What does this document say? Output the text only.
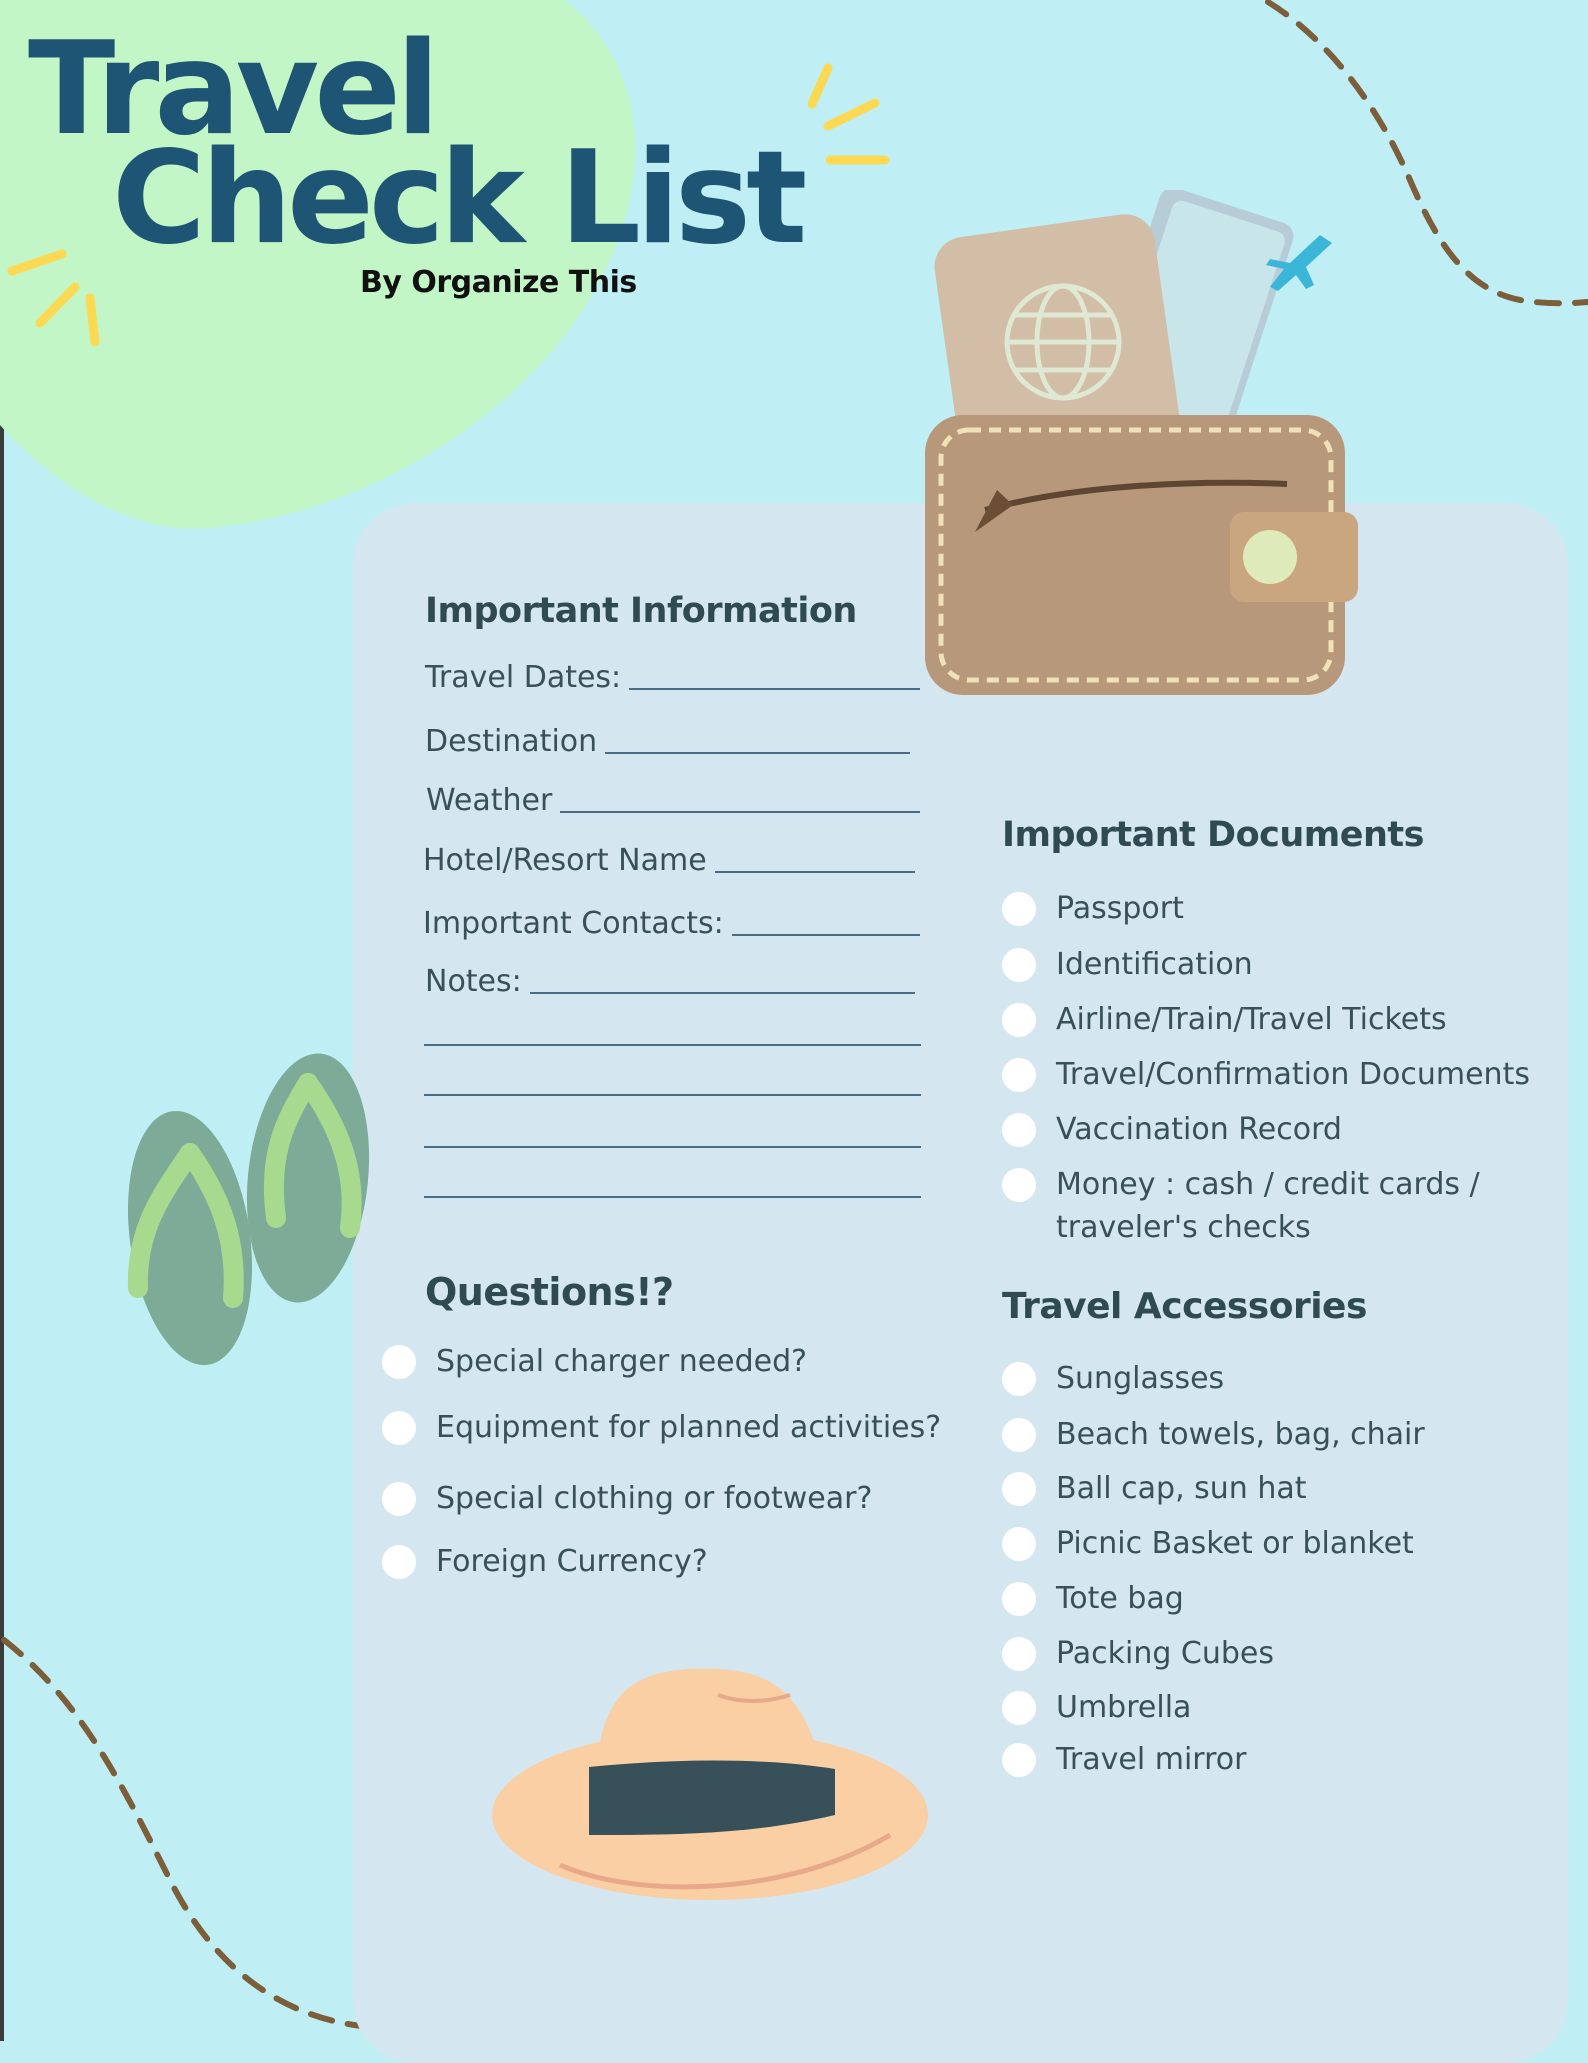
Travel
Check List
By Organize This
Important Information
Travel Dates:
Destination
Weather
Hotel/Resort Name
Important Contacts:
Notes:
Questions!?
Special charger needed?
Equipment for planned activities?
Special clothing or footwear?
Foreign Currency?
Important Documents
Passport
Identification
Airline/Train/Travel Tickets
Travel/Confirmation Documents
Vaccination Record
Money : cash / credit cards / traveler's checks
Travel Accessories
Sunglasses
Beach towels, bag, chair
Ball cap, sun hat
Picnic Basket or blanket
Tote bag
Packing Cubes
Umbrella
Travel mirror
